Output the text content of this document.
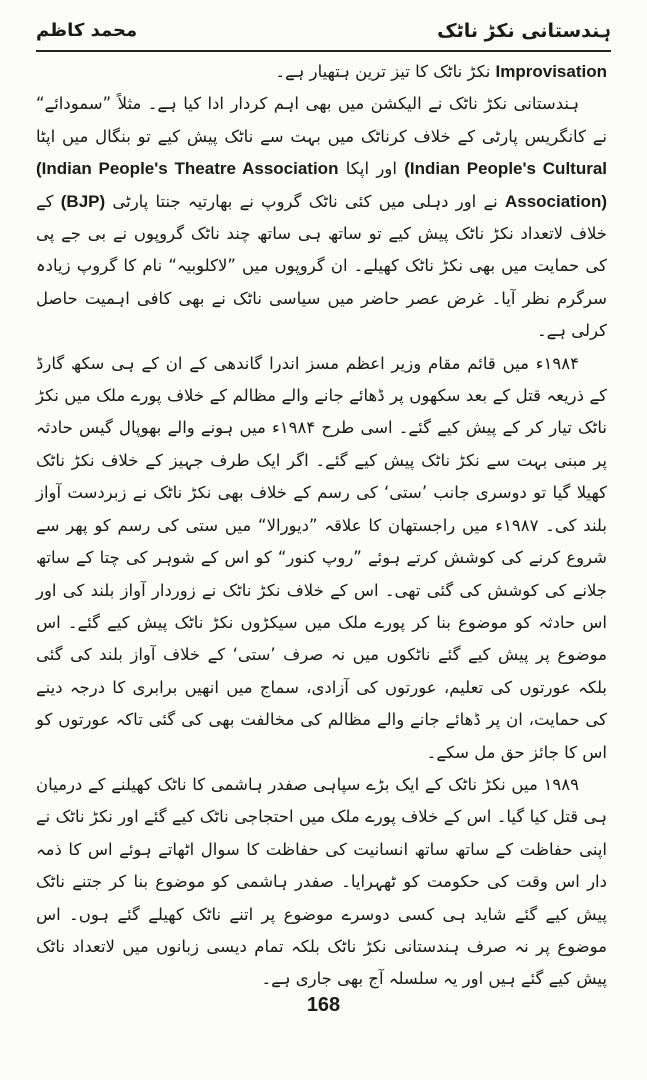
ہندستانی نکڑ ناٹک
محمد کاظم

Improvisation نکڑ ناٹک کا تیز ترین ہتھیار ہے۔

ہندستانی نکڑ ناٹک نے الیکشن میں بھی اہم کردار ادا کیا ہے۔ مثلاً ”سمودائے“ نے کانگریس پارٹی کے خلاف کرناٹک میں بہت سے ناٹک پیش کیے تو بنگال میں اپٹا (Indian People's Cultural اور اپکا (Indian People's Theatre Association Association) نے اور دہلی میں کئی ناٹک گروپ نے بھارتیہ جنتا پارٹی (BJP) کے خلاف لاتعداد نکڑ ناٹک پیش کیے تو ساتھ ہی ساتھ چند ناٹک گروپوں نے بی جے پی کی حمایت میں بھی نکڑ ناٹک کھیلے۔ ان گروپوں میں ”لاکلوبیہ“ نام کا گروپ زیادہ سرگرم نظر آیا۔ غرض عصر حاضر میں سیاسی ناٹک نے بھی کافی اہمیت حاصل کرلی ہے۔

۱۹۸۴ء میں قائم مقام وزیر اعظم مسز اندرا گاندھی کے ان کے ہی سکھ گارڈ کے ذریعہ قتل کے بعد سکھوں پر ڈھائے جانے والے مظالم کے خلاف پورے ملک میں نکڑ ناٹک تیار کر کے پیش کیے گئے۔ اسی طرح ۱۹۸۴ء میں ہونے والے بھوپال گیس حادثہ پر مبنی بہت سے نکڑ ناٹک پیش کیے گئے۔ اگر ایک طرف جہیز کے خلاف نکڑ ناٹک کھیلا گیا تو دوسری جانب ’ستی‘ کی رسم کے خلاف بھی نکڑ ناٹک نے زبردست آواز بلند کی۔ ۱۹۸۷ء میں راجستھان کا علاقہ ”دیورالا“ میں ستی کی رسم کو پھر سے شروع کرنے کی کوشش کرتے ہوئے ”روپ کنور“ کو اس کے شوہر کی چتا کے ساتھ جلانے کی کوشش کی گئی تھی۔ اس کے خلاف نکڑ ناٹک نے زوردار آواز بلند کی اور اس حادثہ کو موضوع بنا کر پورے ملک میں سیکڑوں نکڑ ناٹک پیش کیے گئے۔ اس موضوع پر پیش کیے گئے ناٹکوں میں نہ صرف ’ستی‘ کے خلاف آواز بلند کی گئی بلکہ عورتوں کی تعلیم، عورتوں کی آزادی، سماج میں انھیں برابری کا درجہ دینے کی حمایت، ان پر ڈھائے جانے والے مظالم کی مخالفت بھی کی گئی تاکہ عورتوں کو اس کا جائز حق مل سکے۔

۱۹۸۹ میں نکڑ ناٹک کے ایک بڑے سپاہی صفدر ہاشمی کا ناٹک کھیلنے کے درمیان ہی قتل کیا گیا۔ اس کے خلاف پورے ملک میں احتجاجی ناٹک کیے گئے اور نکڑ ناٹک نے اپنی حفاظت کے ساتھ ساتھ انسانیت کی حفاظت کا سوال اٹھاتے ہوئے اس کا ذمہ دار اس وقت کی حکومت کو ٹھہرایا۔ صفدر ہاشمی کو موضوع بنا کر جتنے ناٹک پیش کیے گئے شاید ہی کسی دوسرے موضوع پر اتنے ناٹک کھیلے گئے ہوں۔ اس موضوع پر نہ صرف ہندستانی نکڑ ناٹک بلکہ تمام دیسی زبانوں میں لاتعداد ناٹک پیش کیے گئے ہیں اور یہ سلسلہ آج بھی جاری ہے۔

168
